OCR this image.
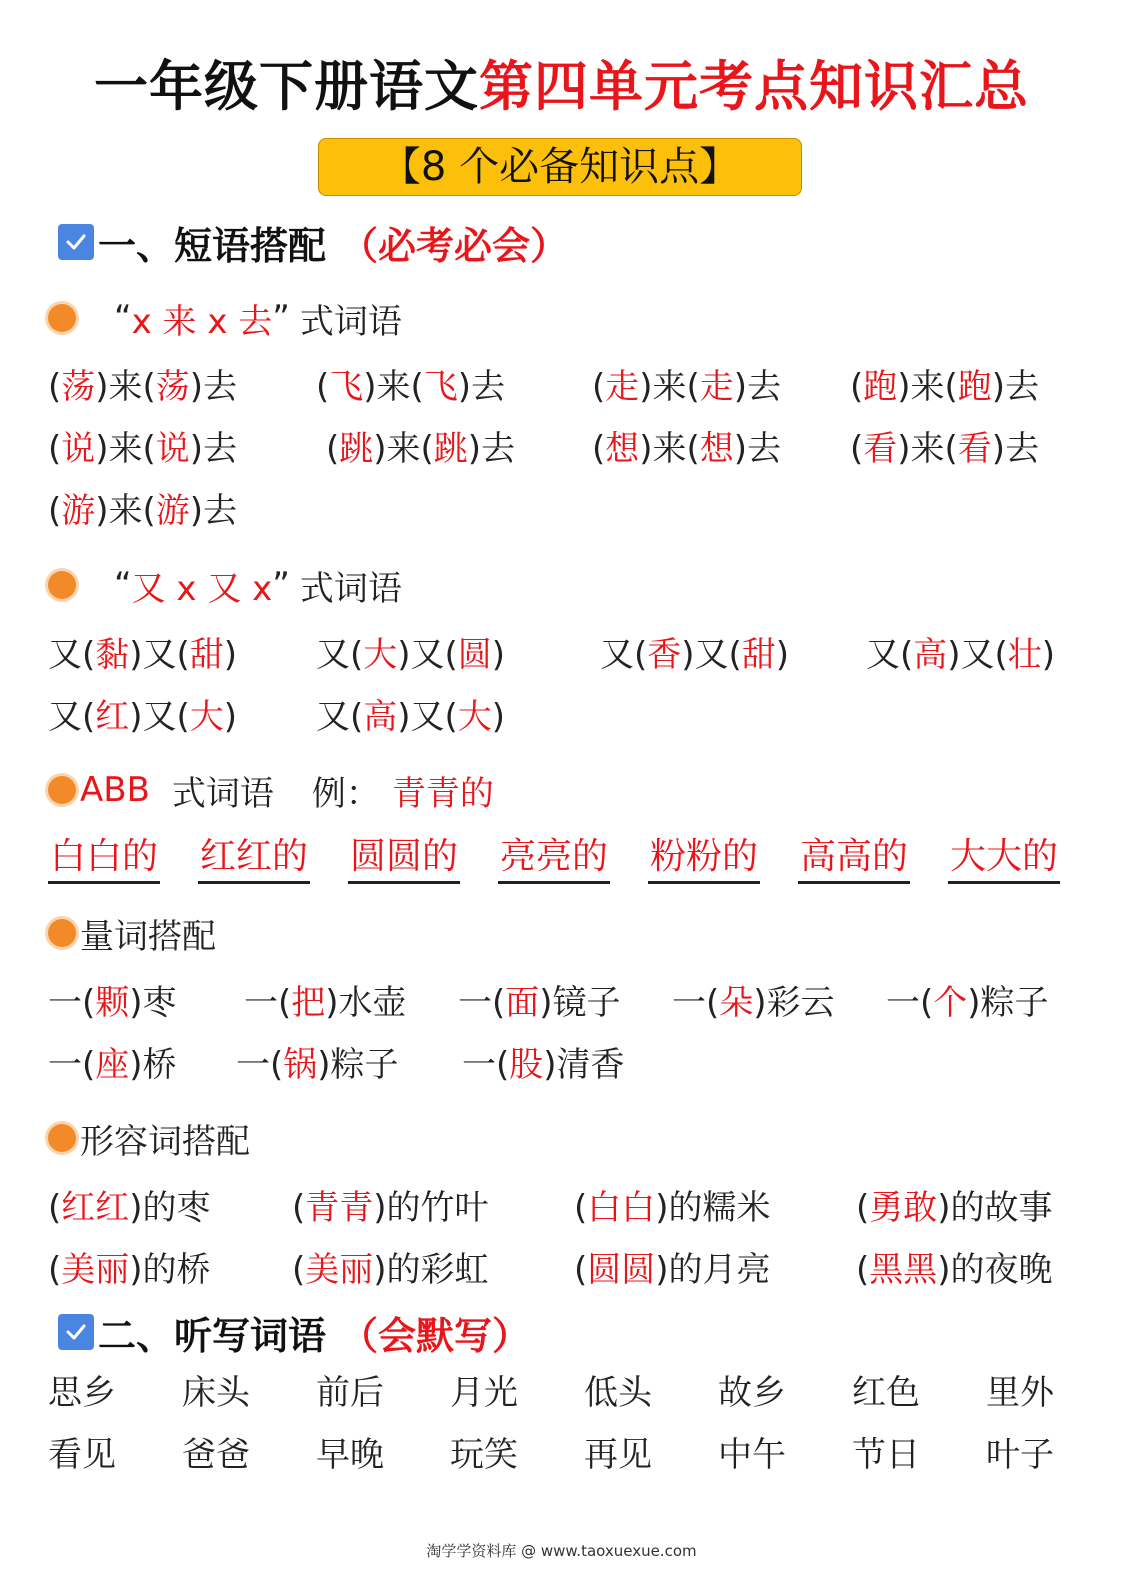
一年级下册语文第四单元考点知识汇总
【8 个必备知识点】
一、短语搭配 （必考必会）
“ x 来 x 去 ” 式词语
(荡)来(荡)去 (飞)来(飞)去	(走)来(走)去 (跑)来(跑)去
(说)来(说)去	(跳)来(跳)去 (想)来(想)去 (看)来(看)去
(游)来(游)去
“ 又 x 又 x ” 式词语
又(黏)又(甜) 又(大)又(圆)	又(香)又(甜) 又(高)又(壮)
又(红)又(大) 又(高)又(大)
ABB 式词语 例： 青青的
白白的 红红的 圆圆的 亮亮的 粉粉的 高高的 大大的
量词搭配
一(颗)枣 一(把)水壶 一(面)镜子 一(朵)彩云 一(个)粽子
一(座)桥 一(锅)粽子 一(股)清香
形容词搭配
(红红)的枣 (青青)的竹叶	(白白)的糯米	(勇敢)的故事
(美丽)的桥 (美丽)的彩虹	(圆圆)的月亮	(黑黑)的夜晚
二、听写词语 （会默写）
思乡 床头 前后 月光 低头 故乡 红色 里外
看见 爸爸 早晚 玩笑 再见 中午 节日 叶子
淘学学资料库 @ www.taoxuexue.com
